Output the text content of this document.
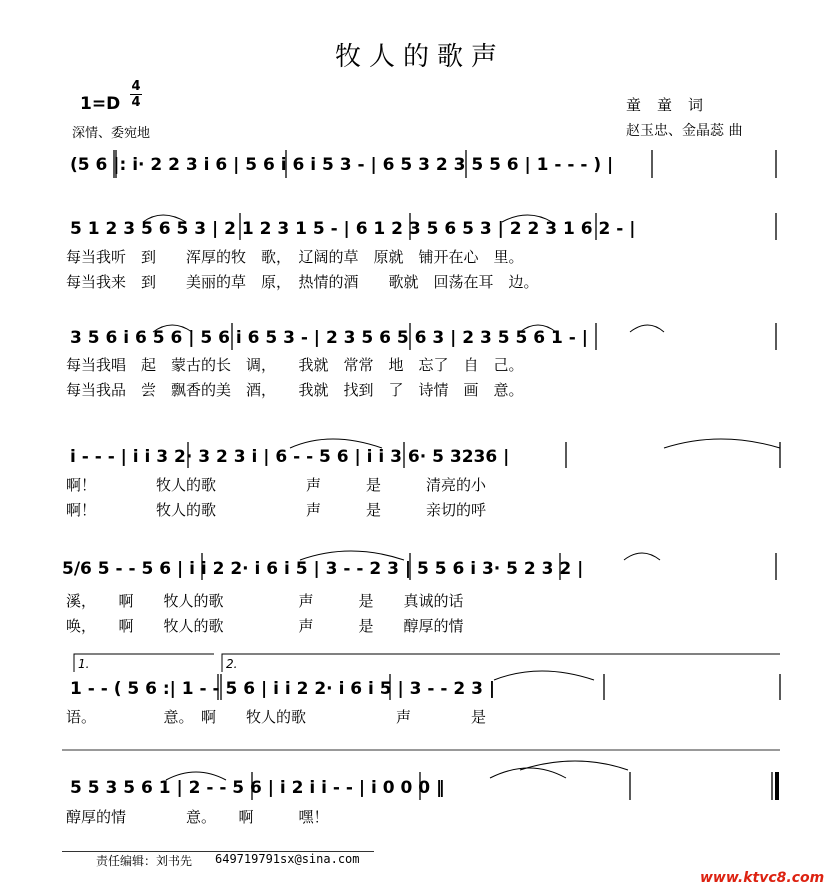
牧人的歌声
1=D
4
4
深情、委宛地
童童词
赵玉忠、金晶蕊 曲
(5 6 |: i· 2 2 3 i 6 | 5 6 i 6 i 5 3 - | 6 5 3 2 3 5 5 6 | 1 - - - ) |
5 1 2 3 5 6 5 3 | 2 1 2 3 1 5 - | 6 1 2 3 5 6 5 3 | 2 2 3 1 6 2 - |
每当我听　到　　浑厚的牧　歌，　辽阔的草　原就　铺开在心　里。
每当我来　到　　美丽的草　原，　热情的酒　　歌就　回荡在耳　边。
3 5 6 i 6 5 6 | 5 6 i 6 5 3 - | 2 3 5 6 5 6 3 | 2 3 5 5 6 1 - |
每当我唱　起　蒙古的长　调，　　我就　常常　地　忘了　自　己。
每当我品　尝　飘香的美　酒，　　我就　找到　了　诗情　画　意。
i - - - | i i 3 2· 3 2 3 i | 6 - - 5 6 | i i 3 6· 5 3236 |
啊！　　　　牧人的歌　　　　　　声　　　是　　　清亮的小
啊！　　　　牧人的歌　　　　　　声　　　是　　　亲切的呼
5/6 5 - - 5 6 | i i 2 2· i 6 i 5 | 3 - - 2 3 | 5 5 6 i 3· 5 2 3 2 |
溪，　　啊　　牧人的歌　　　　　声　　　是　　真诚的话
唤，　　啊　　牧人的歌　　　　　声　　　是　　醇厚的情
1.	2.
1 - - ( 5 6 :| 1 - - 5 6 | i i 2 2· i 6 i 5 | 3 - - 2 3 |
语。　　　　　意。　啊　　牧人的歌　　　　　　声　　　　是
5 5 3 5 6 1 | 2 - - 5 6 | i 2 i i - - | i 0 0 0 ‖
醇厚的情　　　　意。　　啊　　　嘿！
责任编辑：刘书先 649719791sx@sina.com
www.ktvc8.com
